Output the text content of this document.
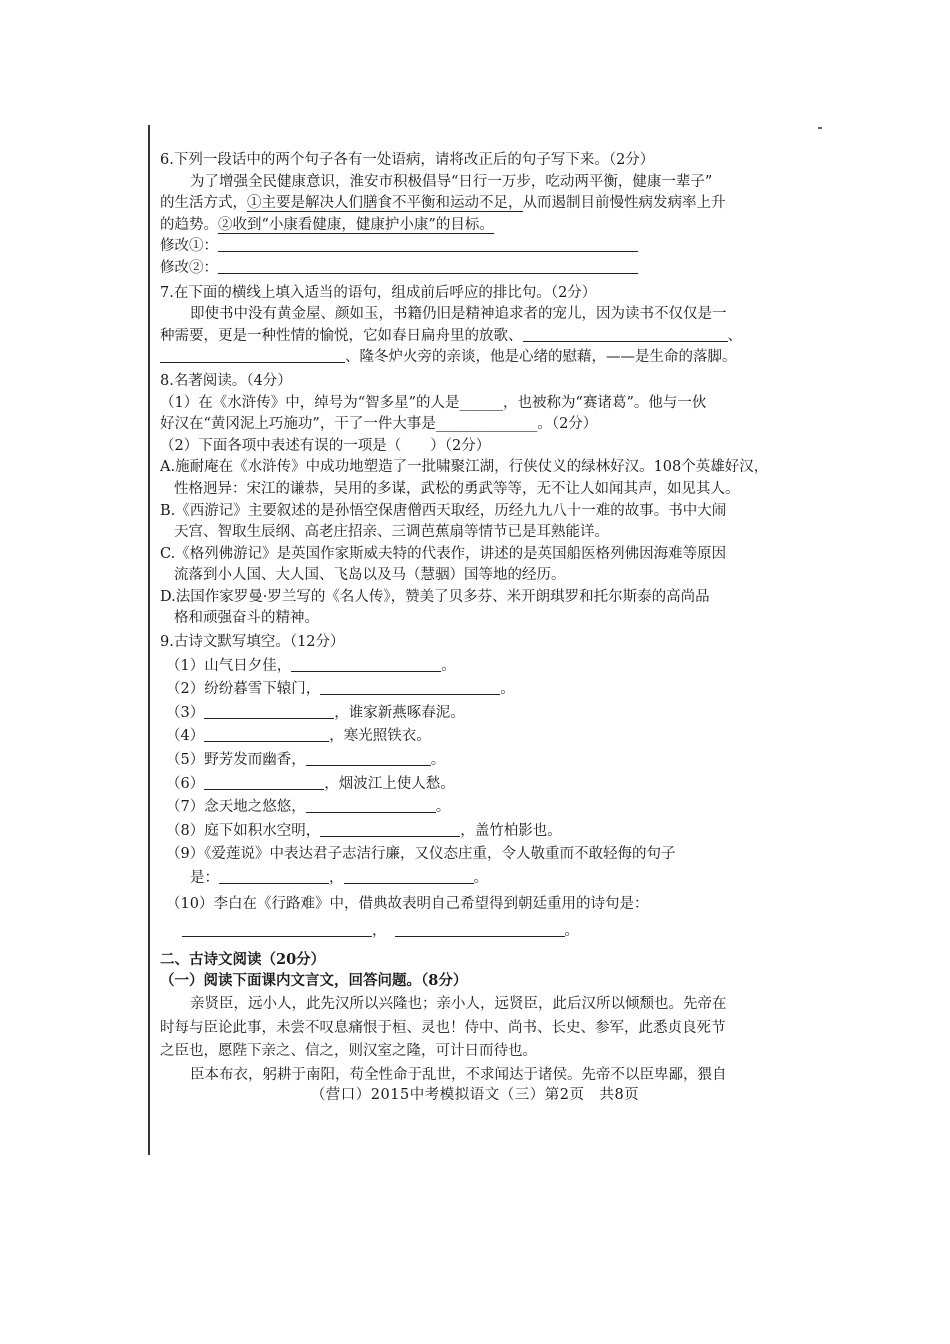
6.下列一段话中的两个句子各有一处语病，请将改正后的句子写下来。（2分）
为了增强全民健康意识，淮安市积极倡导“日行一万步，吃动两平衡，健康一辈子”
的生活方式，①主要是解决人们膳食不平衡和运动不足，从而遏制目前慢性病发病率上升
的趋势。②收到“小康看健康，健康护小康”的目标。
修改①：
修改②：
7.在下面的横线上填入适当的语句，组成前后呼应的排比句。（2分）
即使书中没有黄金屋、颜如玉，书籍仍旧是精神追求者的宠儿，因为读书不仅仅是一
种需要，更是一种性情的愉悦，它如春日扁舟里的放歌、	、
、隆冬炉火旁的亲谈，他是心绪的慰藉，——是生命的落脚。
8.名著阅读。（4分）
（1）在《水浒传》中，绰号为“智多星”的人是______，也被称为“赛诸葛”。他与一伙
好汉在“黄冈泥上巧施功”，干了一件大事是______________。（2分）
（2）下面各项中表述有误的一项是（　　）（2分）
A.施耐庵在《水浒传》中成功地塑造了一批啸聚江湖，行侠仗义的绿林好汉。108个英雄好汉，
性格迥异：宋江的谦恭，吴用的多谋，武松的勇武等等，无不让人如闻其声，如见其人。
B.《西游记》主要叙述的是孙悟空保唐僧西天取经，历经九九八十一难的故事。书中大闹
天宫、智取生辰纲、高老庄招亲、三调芭蕉扇等情节已是耳熟能详。
C.《格列佛游记》是英国作家斯威夫特的代表作，讲述的是英国船医格列佛因海难等原因
流落到小人国、大人国、飞岛以及马（慧骃）国等地的经历。
D.法国作家罗曼·罗兰写的《名人传》，赞美了贝多芬、米开朗琪罗和托尔斯泰的高尚品
格和顽强奋斗的精神。
9.古诗文默写填空。（12分）
（1）山气日夕佳，	。
（2）纷纷暮雪下辕门，	。
（3）	，谁家新燕啄春泥。
（4）	，寒光照铁衣。
（5）野芳发而幽香，	。
（6）	，烟波江上使人愁。
（7）念天地之悠悠，	。
（8）庭下如积水空明，	，盖竹柏影也。
（9）《爱莲说》中表达君子志洁行廉，又仪态庄重，令人敬重而不敢轻侮的句子
是：	，	。
（10）李白在《行路难》中，借典故表明自己希望得到朝廷重用的诗句是：
，	。
二、古诗文阅读（20分）
（一）阅读下面课内文言文，回答问题。（8分）
亲贤臣，远小人，此先汉所以兴隆也；亲小人，远贤臣，此后汉所以倾颓也。先帝在
时每与臣论此事，未尝不叹息痛恨于桓、灵也！侍中、尚书、长史、参军，此悉贞良死节
之臣也，愿陛下亲之、信之，则汉室之隆，可计日而待也。
臣本布衣，躬耕于南阳，苟全性命于乱世，不求闻达于诸侯。先帝不以臣卑鄙，猥自
（营口）2015中考模拟语文（三）第2页　共8页
